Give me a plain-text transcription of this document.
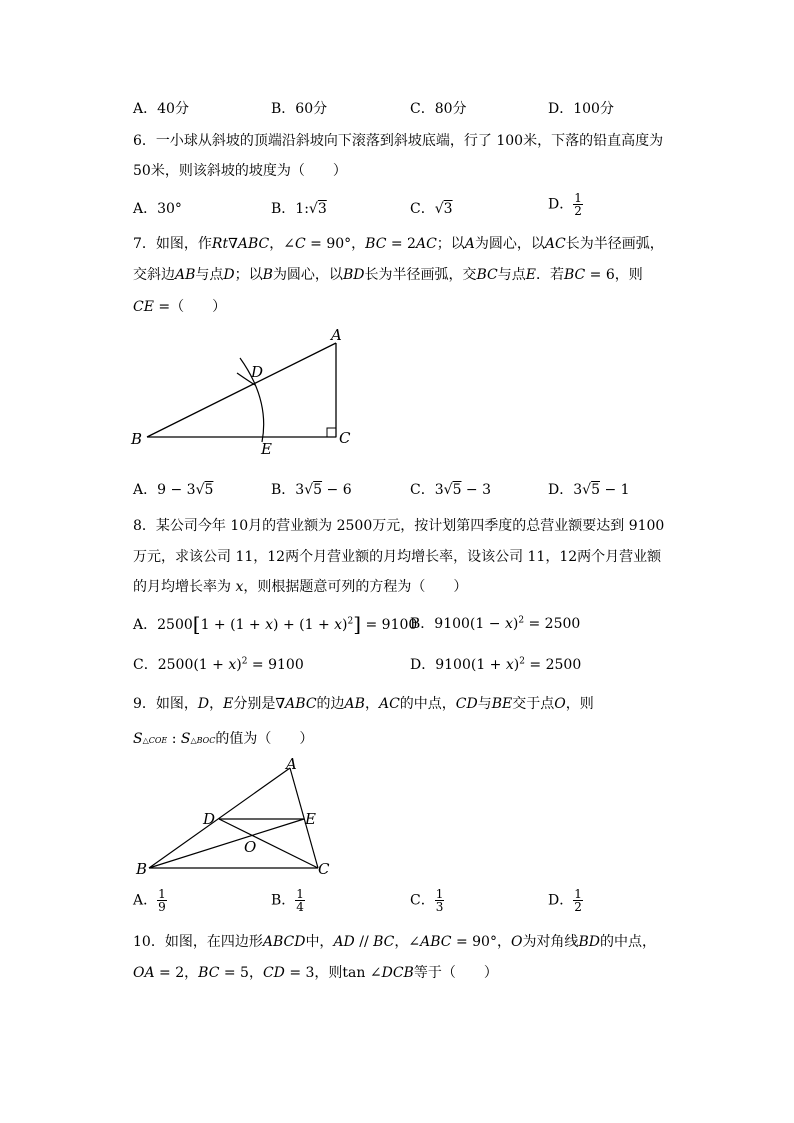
A．40分	B．60分	C．80分	D．100分
6．一小球从斜坡的顶端沿斜坡向下滚落到斜坡底端，行了 100米，下落的铅直高度为
50米，则该斜坡的坡度为（　　）
A．30°	B．1:√3	C．√3	D． $\frac{1}{2}$
7．如图，作Rt∇ABC，∠C = 90°，BC = 2AC；以A为圆心，以AC长为半径画弧，
交斜边AB与点D；以B为圆心，以BD长为半径画弧，交BC与点E．若BC = 6，则
CE =（　　）
A
B	C
D
E
A．9 − 3√5	B．3√5 − 6	C．3√5 − 3	D．3√5 − 1
8．某公司今年 10月的营业额为 2500万元，按计划第四季度的总营业额要达到 9100
万元，求该公司 11，12两个月营业额的月均增长率，设该公司 11，12两个月营业额
的月均增长率为 x，则根据题意可列的方程为（　　）
A．$2500[1 + (1 + x) + (1 + x)^2] = 9100$
B．$9100(1 - x)^2 = 2500$
C．$2500(1 + x)^2 = 9100$	D．$9100(1 + x)^2 = 2500$
9．如图，D，E分别是∇ABC的边AB，AC的中点，CD与BE交于点O，则
S△COE : S△BOC的值为（　　）
A
B	C
D	E
O
A． $\frac{1}{9}$	B． $\frac{1}{4}$	C． $\frac{1}{3}$	D． $\frac{1}{2}$
10．如图，在四边形ABCD中，AD // BC，∠ABC = 90°，O为对角线BD的中点，
OA = 2，BC = 5，CD = 3，则tan ∠DCB等于（　　）
